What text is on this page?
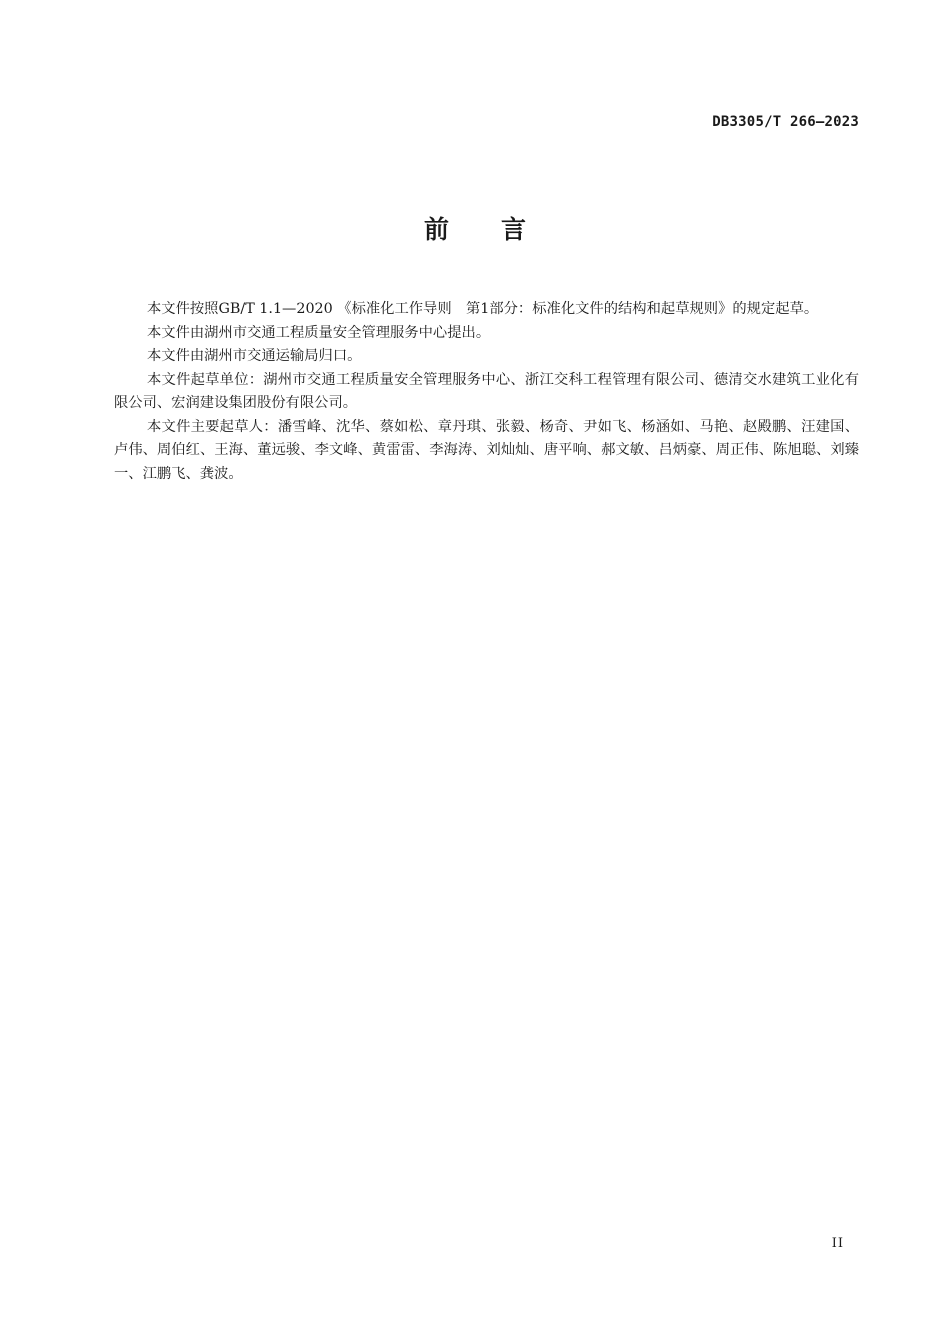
DB3305/T 266—2023
前 言

本文件按照GB/T 1.1—2020 《标准化工作导则　第1部分：标准化文件的结构和起草规则》的规定起草。

本文件由湖州市交通工程质量安全管理服务中心提出。

本文件由湖州市交通运输局归口。

本文件起草单位：湖州市交通工程质量安全管理服务中心、浙江交科工程管理有限公司、德清交水建筑工业化有限公司、宏润建设集团股份有限公司。

本文件主要起草人：潘雪峰、沈华、蔡如松、章丹琪、张毅、杨奇、尹如飞、杨涵如、马艳、赵殿鹏、汪建国、卢伟、周伯红、王海、董远骏、李文峰、黄雷雷、李海涛、刘灿灿、唐平响、郝文敏、吕炳豪、周正伟、陈旭聪、刘臻一、江鹏飞、龚波。

II
